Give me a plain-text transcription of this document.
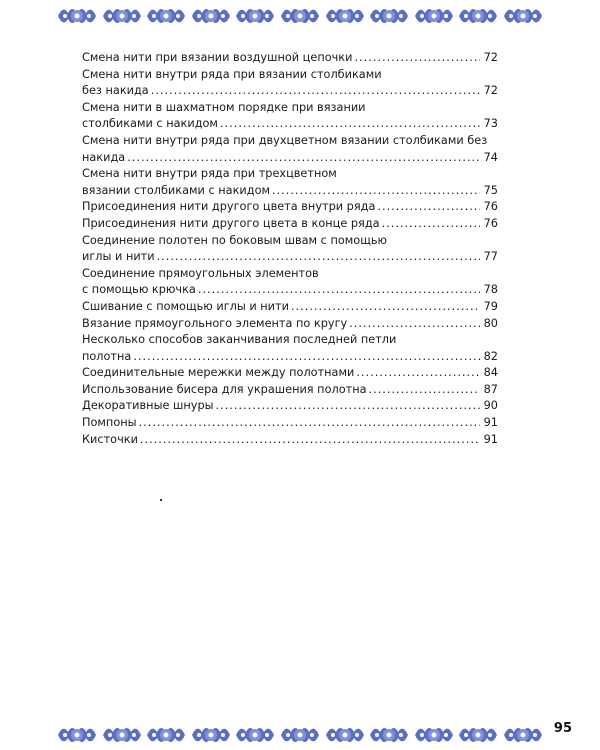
Смена нити при вязании воздушной цепочки .....	72
Смена нити внутри ряда при вязании столбиками
без накида .....	72
Смена нити в шахматном порядке при вязании
столбиками с накидом .....	73
Смена нити внутри ряда при двухцветном вязании столбиками без
накида .....	74
Смена нити внутри ряда при трехцветном
вязании столбиками с накидом .....	75
Присоединения нити другого цвета внутри ряда .....	76
Присоединения нити другого цвета в конце ряда .....	76
Соединение полотен по боковым швам с помощью
иглы и нити .....	77
Соединение прямоугольных элементов
с помощью крючка .....	78
Сшивание с помощью иглы и нити .....	79
Вязание прямоугольного элемента по кругу .....	80
Несколько способов заканчивания последней петли
полотна .....	82
Соединительные мережки между полотнами .....	84
Использование бисера для украшения полотна .....	87
Декоративные шнуры .....	90
Помпоны .....	91
Кисточки .....	91
95
